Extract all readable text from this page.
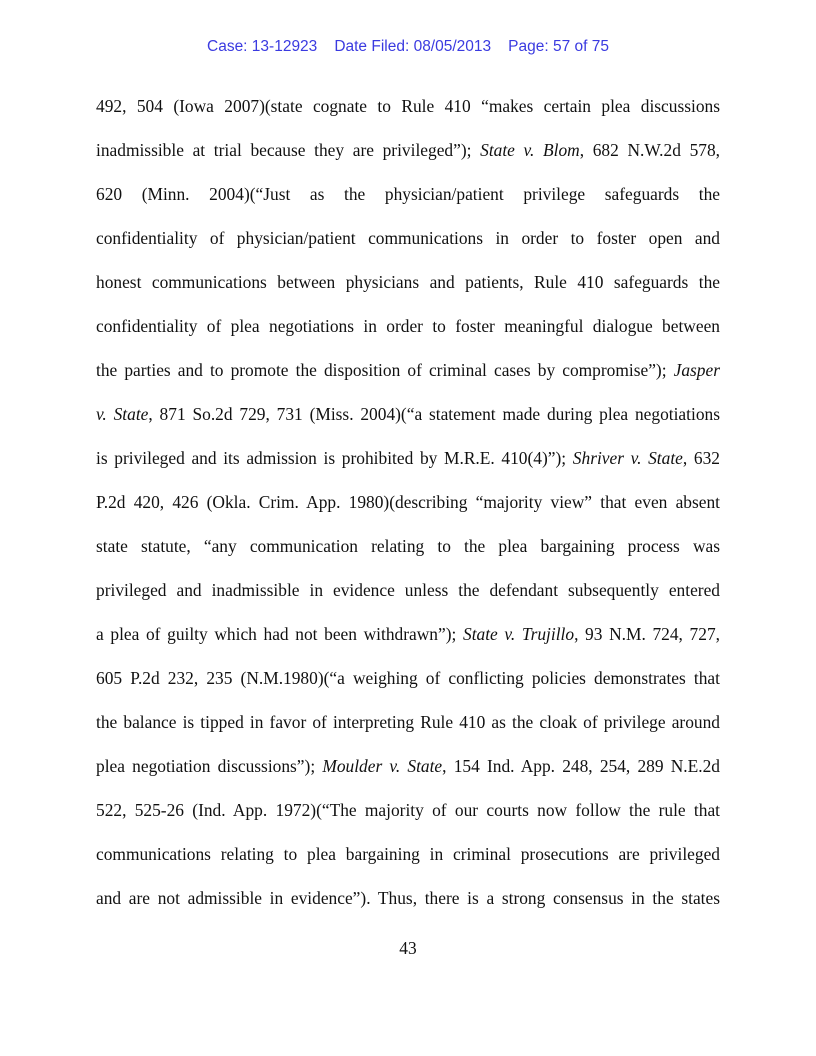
Case: 13-12923 Date Filed: 08/05/2013 Page: 57 of 75
492, 504 (Iowa 2007)(state cognate to Rule 410 “makes certain plea discussions
inadmissible at trial because they are privileged”); State v. Blom, 682 N.W.2d 578,
620 (Minn. 2004)(“Just as the physician/patient privilege safeguards the
confidentiality of physician/patient communications in order to foster open and
honest communications between physicians and patients, Rule 410 safeguards the
confidentiality of plea negotiations in order to foster meaningful dialogue between
the parties and to promote the disposition of criminal cases by compromise”); Jasper
v. State, 871 So.2d 729, 731 (Miss. 2004)(“a statement made during plea negotiations
is privileged and its admission is prohibited by M.R.E. 410(4)”); Shriver v. State, 632
P.2d 420, 426 (Okla. Crim. App. 1980)(describing “majority view” that even absent
state statute, “any communication relating to the plea bargaining process was
privileged and inadmissible in evidence unless the defendant subsequently entered
a plea of guilty which had not been withdrawn”); State v. Trujillo, 93 N.M. 724, 727,
605 P.2d 232, 235 (N.M.1980)(“a weighing of conflicting policies demonstrates that
the balance is tipped in favor of interpreting Rule 410 as the cloak of privilege around
plea negotiation discussions”); Moulder v. State, 154 Ind. App. 248, 254, 289 N.E.2d
522, 525-26 (Ind. App. 1972)(“The majority of our courts now follow the rule that
communications relating to plea bargaining in criminal prosecutions are privileged
and are not admissible in evidence”). Thus, there is a strong consensus in the states
43
